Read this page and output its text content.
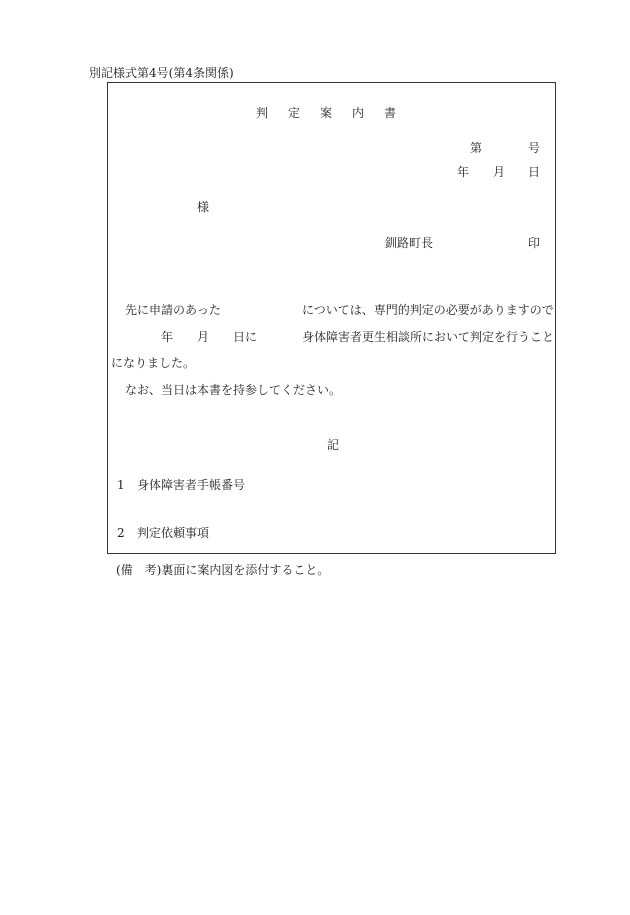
別記様式第4号(第4条関係)
判定案内書
第	号
年 月 日
様
釧路町長	印
先に申請のあった	については、専門的判定の必要がありますので
年 月 日に	身体障害者更生相談所において判定を行うこと
になりました。
なお、当日は本書を持参してください。
記
1 身体障害者手帳番号
2 判定依頼事項
(備　考)裏面に案内図を添付すること。
